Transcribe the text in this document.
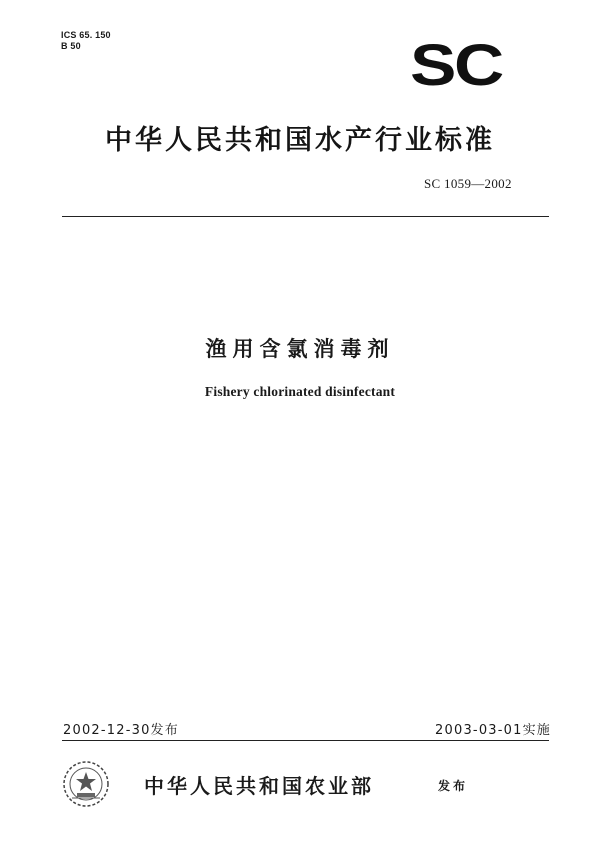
ICS 65. 150
B 50	SC
中华人民共和国水产行业标准
SC 1059—2002
渔用含氯消毒剂
Fishery chlorinated disinfectant
2002-12-30发布	2003-03-01实施
中华人民共和国农业部	发布
